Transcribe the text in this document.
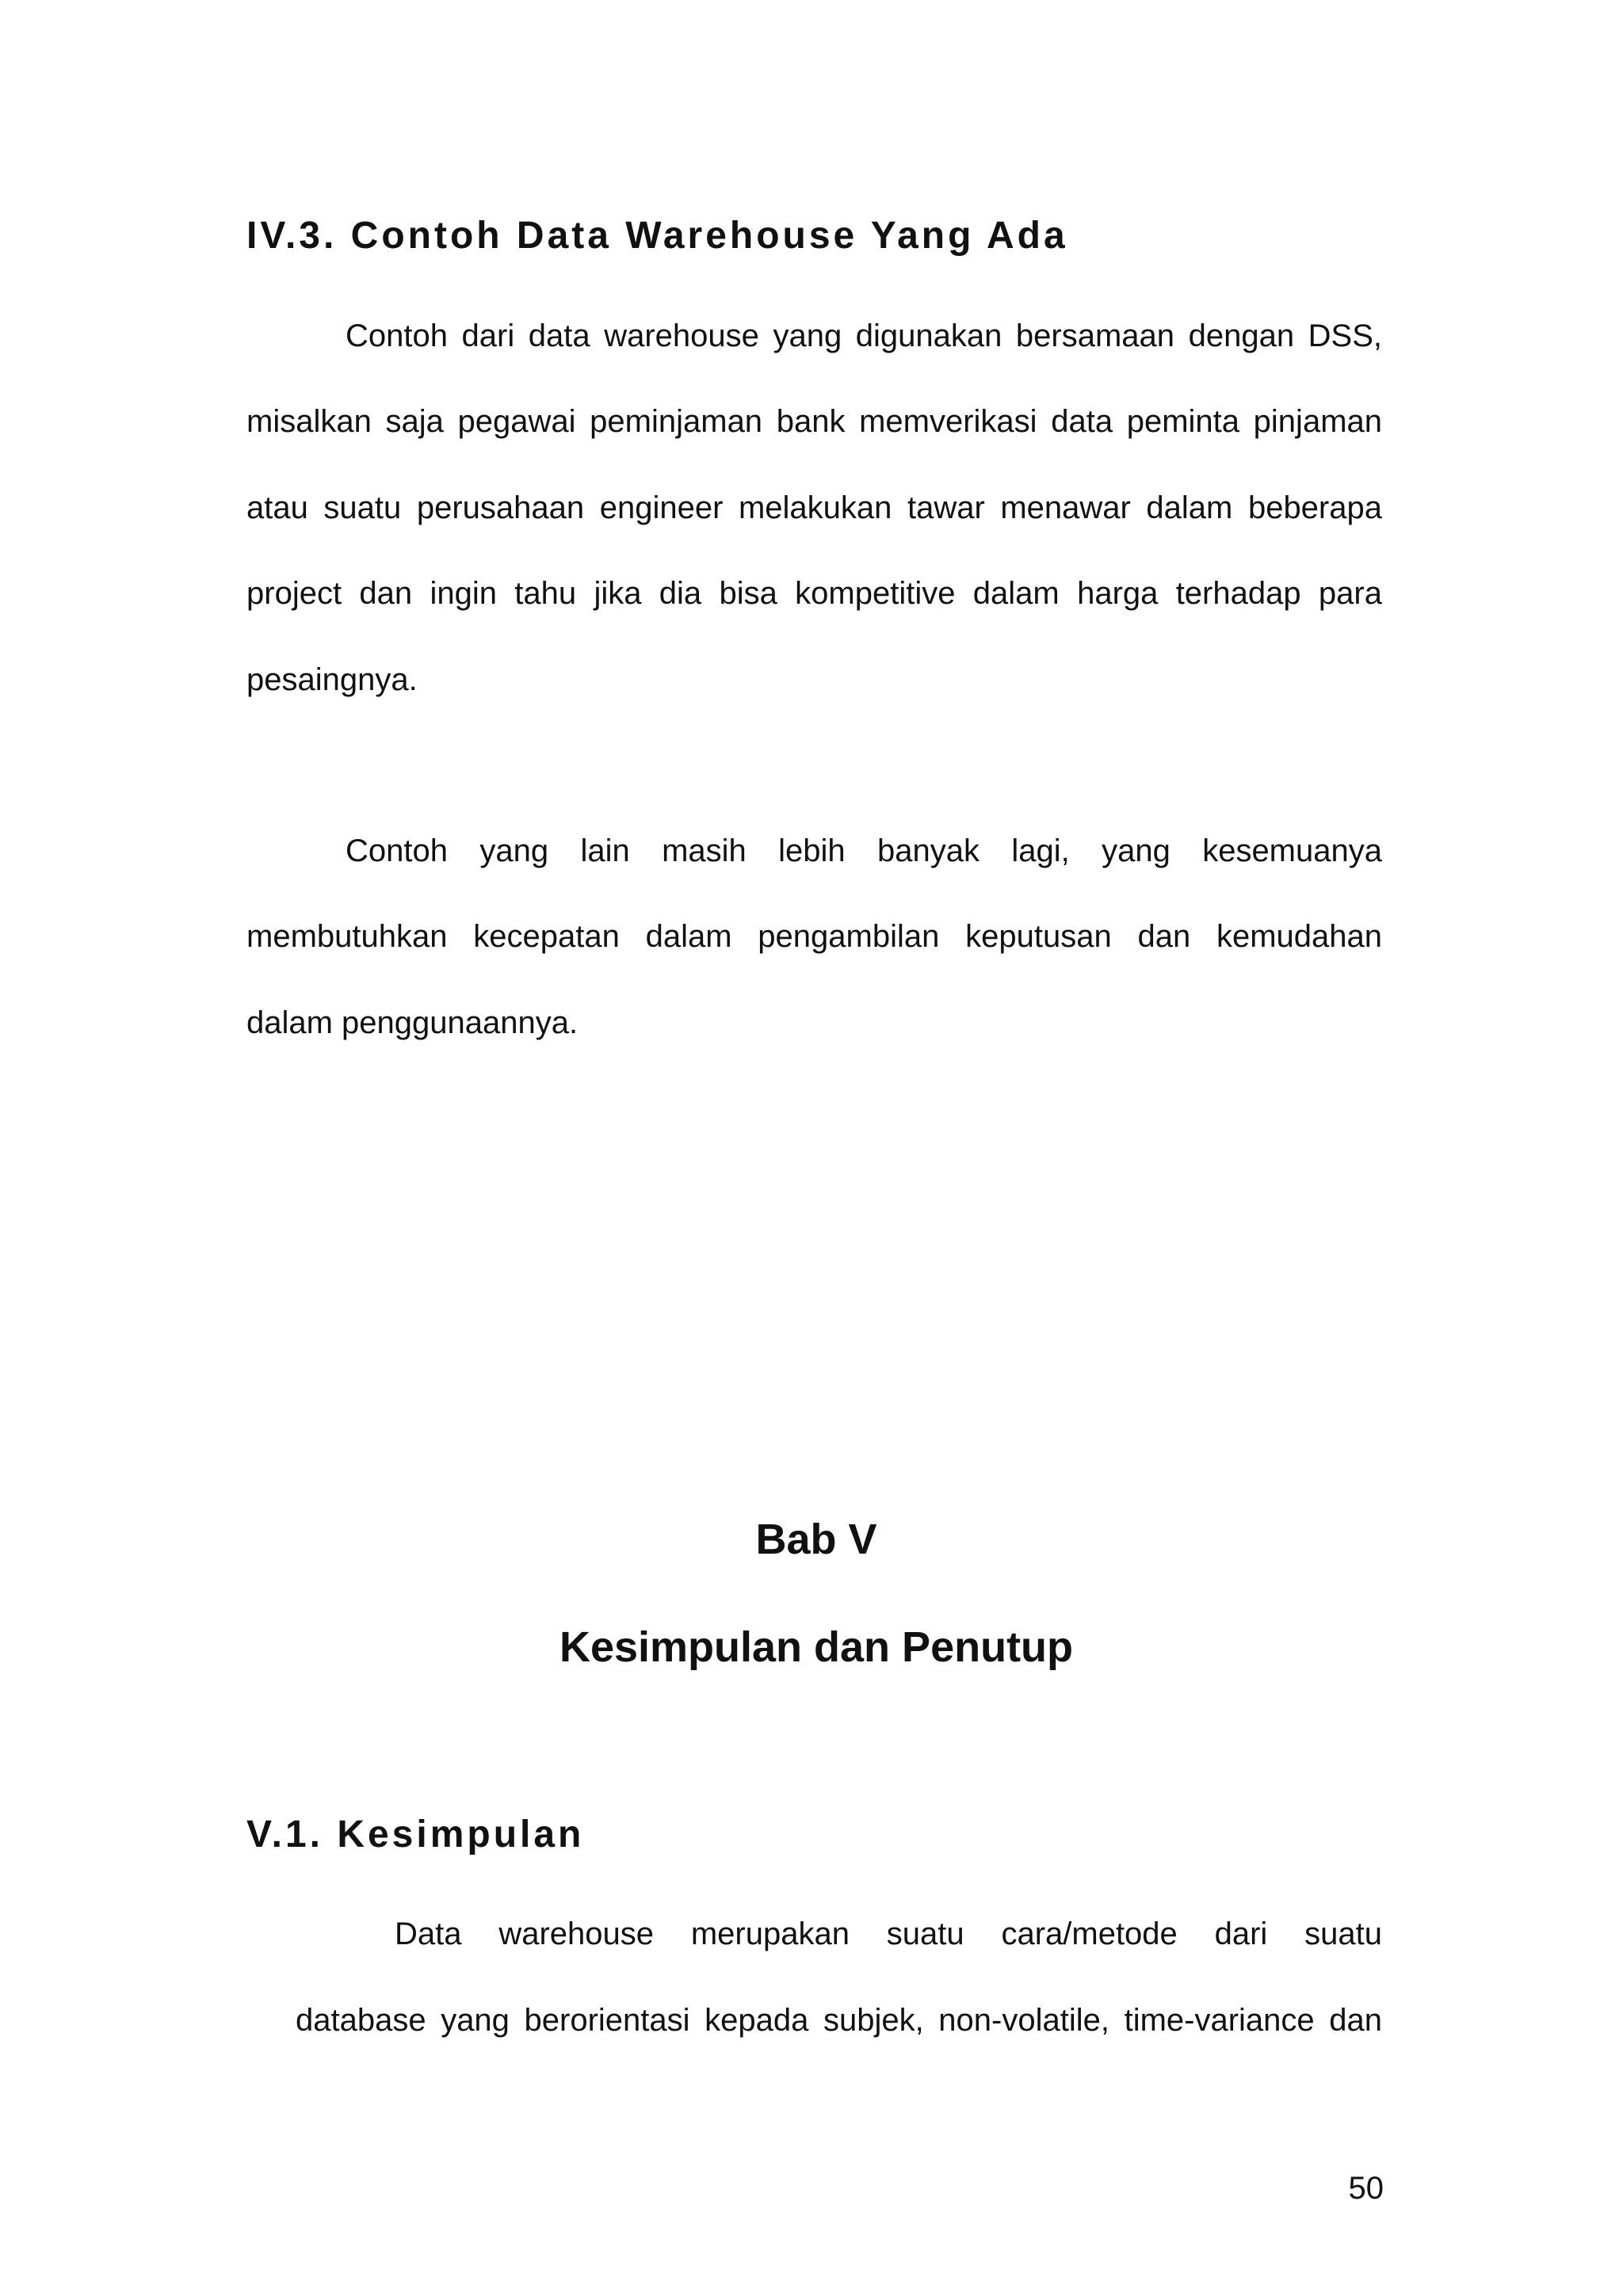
IV.3. Contoh Data Warehouse Yang Ada

Contoh dari data warehouse yang digunakan bersamaan dengan DSS,

misalkan saja pegawai peminjaman bank memverikasi data peminta pinjaman

atau suatu perusahaan engineer melakukan tawar menawar dalam beberapa

project dan ingin tahu jika dia bisa kompetitive dalam harga terhadap para

pesaingnya.

Contoh yang lain masih lebih banyak lagi, yang kesemuanya

membutuhkan kecepatan dalam pengambilan keputusan dan kemudahan

dalam penggunaannya.

Bab V
Kesimpulan dan Penutup
V.1. Kesimpulan

Data warehouse merupakan suatu cara/metode dari suatu

database yang berorientasi kepada subjek, non-volatile, time-variance dan

50
